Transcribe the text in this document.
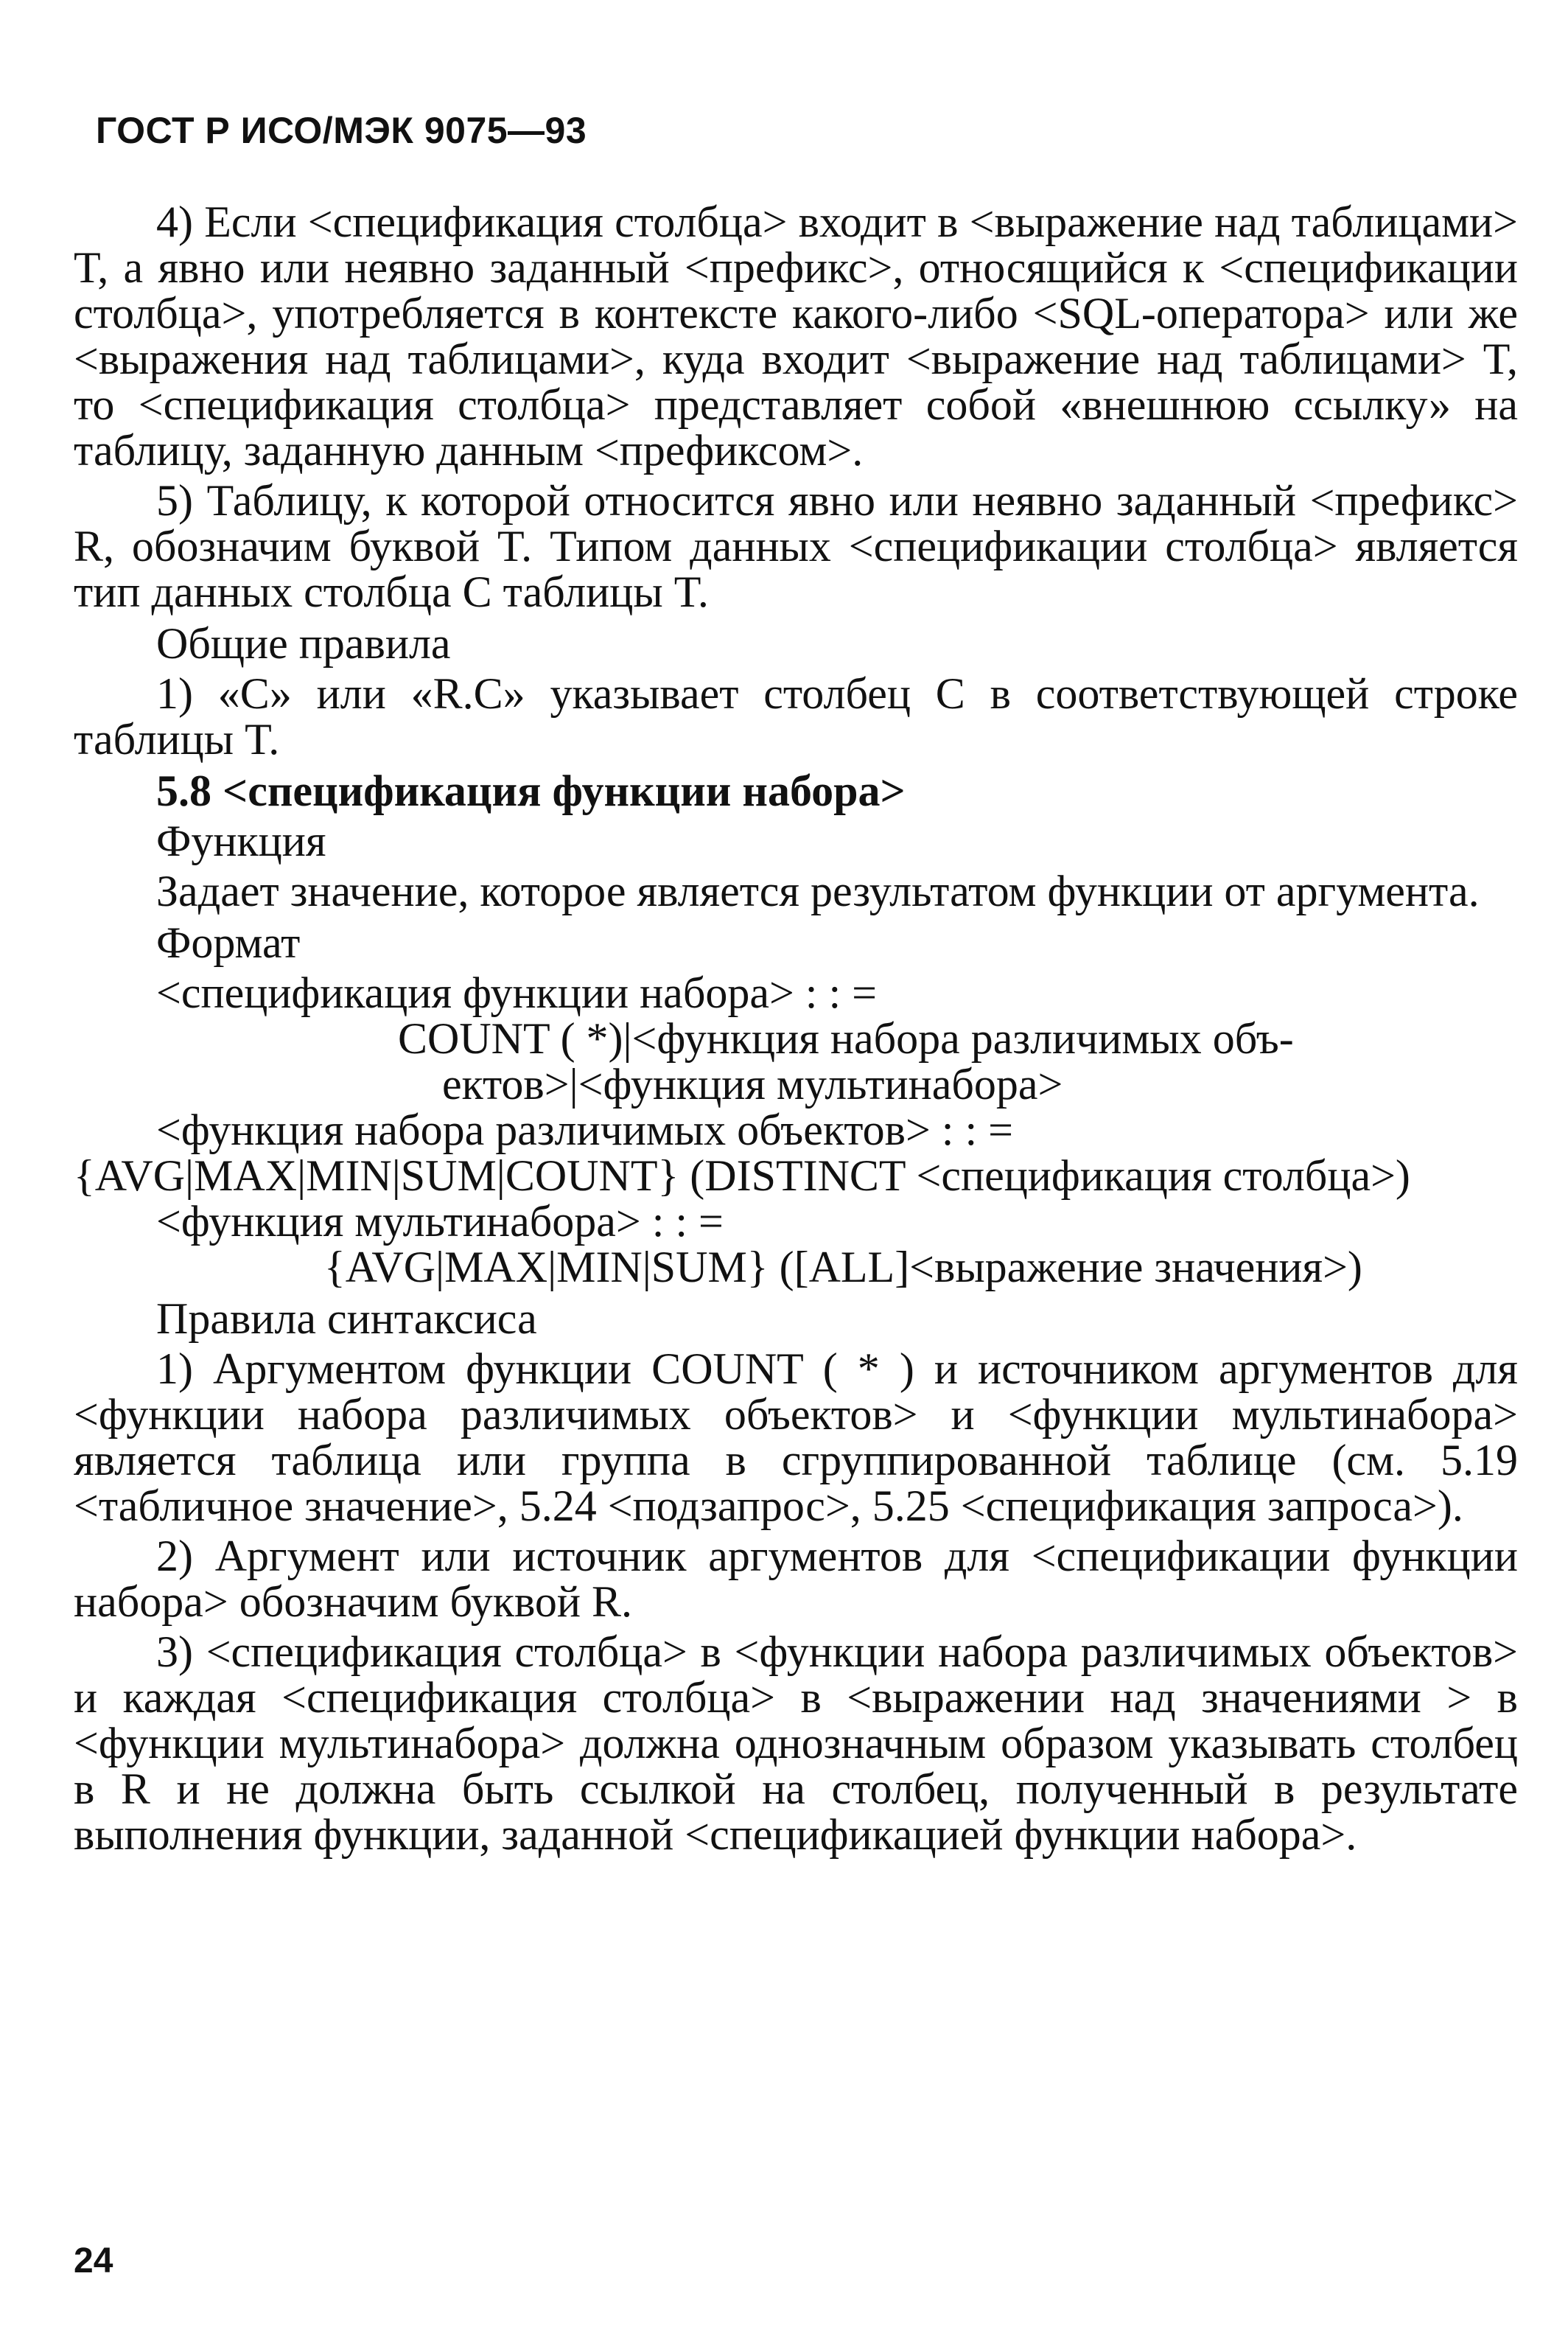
ГОСТ Р ИСО/МЭК 9075—93

4) Если <спецификация столбца> входит в <выражение над таблицами> T, а явно или неявно заданный <префикс>, относящийся к <спецификации столбца>, употребляется в контексте какого-либо <SQL-оператора> или же <выражения над таблицами>, куда входит <выражение над таблицами> T, то <спецификация столбца> представляет собой «внешнюю ссылку» на таблицу, заданную данным <префиксом>.

5) Таблицу, к которой относится явно или неявно заданный <префикс> R, обозначим буквой T. Типом данных <спецификации столбца> является тип данных столбца C таблицы T.

Общие правила

1) «C» или «R.C» указывает столбец C в соответствующей строке таблицы T.

5.8 <спецификация функции набора>

Функция

Задает значение, которое является результатом функции от аргумента.

Формат

<спецификация функции набора> : : =
COUNT ( *)|<функция набора различимых объ-
ектов>|<функция мультинабора>
<функция набора различимых объектов> : : =
{AVG|MAX|MIN|SUM|COUNT} (DISTINCT <спецификация столбца>)
<функция мультинабора> : : =
{AVG|MAX|MIN|SUM} ([ALL]<выражение значения>)

Правила синтаксиса

1) Аргументом функции COUNT ( * ) и источником аргументов для <функции набора различимых объектов> и <функции мультинабора> является таблица или группа в сгруппированной таблице (см. 5.19 <табличное значение>, 5.24 <подзапрос>, 5.25 <спецификация запроса>).

2) Аргумент или источник аргументов для <спецификации функции набора> обозначим буквой R.

3) <спецификация столбца> в <функции набора различимых объектов> и каждая <спецификация столбца> в <выражении над значениями > в <функции мультинабора> должна однозначным образом указывать столбец в R и не должна быть ссылкой на столбец, полученный в результате выполнения функции, заданной <спецификацией функции набора>.

24
